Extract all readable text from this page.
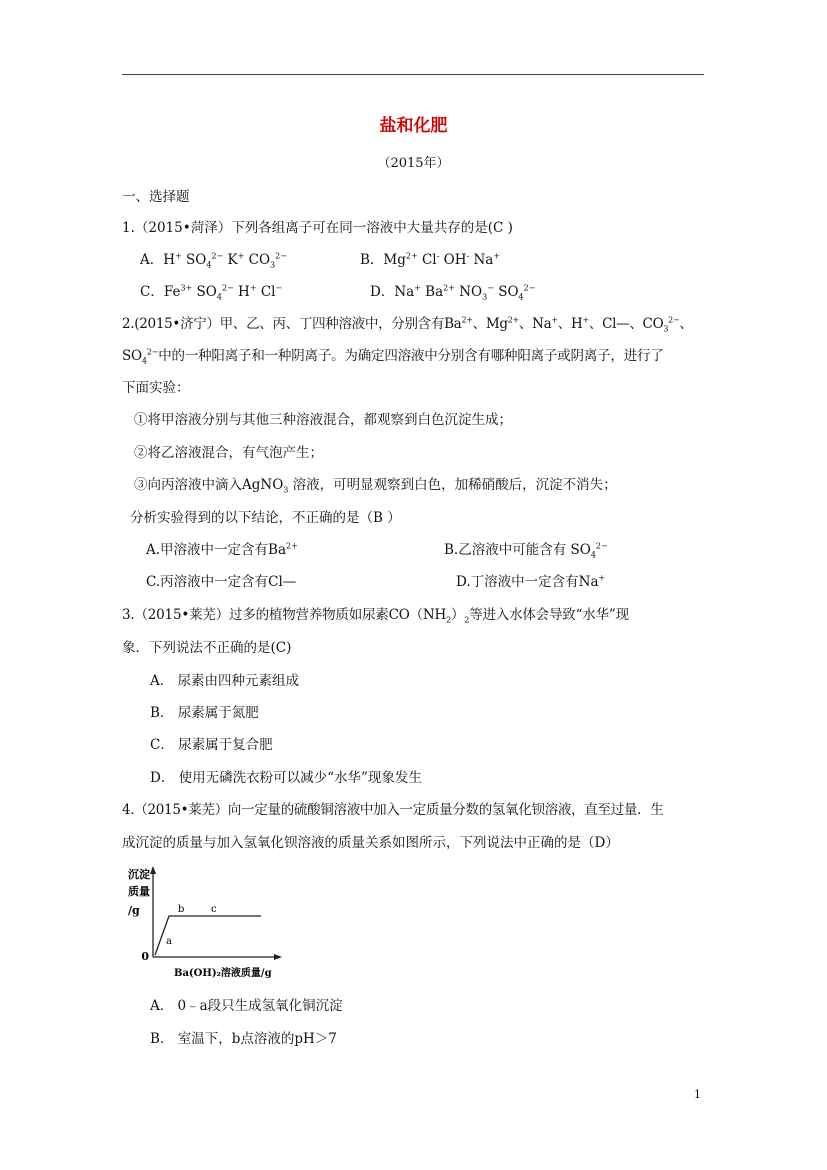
盐和化肥
（2015年）
一、选择题
1.（2015•菏泽）下列各组离子可在同一溶液中大量共存的是(C )
A．H+ $SO_4^{2-}$ K+ $CO_3^{2-}$	B．$Mg^{2+}$ Cl- OH- Na+
C．$Fe^{3+}$ $SO_4^{2-}$ H+ Cl−	D．Na+ $Ba^{2+}$ $NO_3^-$ $SO_4^{2-}$
2.(2015•济宁）甲、乙、丙、丁四种溶液中，分别含有$Ba^{2+}$、$Mg^{2+}$、Na+、H+、Cl—、$CO_3^{2-}$、
$SO_4^{2-}$中的一种阳离子和一种阴离子。为确定四溶液中分别含有哪种阳离子或阴离子，进行了
下面实验：
①将甲溶液分别与其他三种溶液混合，都观察到白色沉淀生成；
②将乙溶液混合，有气泡产生；
③向丙溶液中滴入AgNO$_3$ 溶液，可明显观察到白色，加稀硝酸后，沉淀不消失；
分析实验得到的以下结论，不正确的是（B ）
A.甲溶液中一定含有$Ba^{2+}$	B.乙溶液中可能含有 $SO_4^{2-}$
C.丙溶液中一定含有Cl—	D.丁溶液中一定含有Na+
3.（2015•莱芜）过多的植物营养物质如尿素$CO(NH_2)_2$等进入水体会导致“水华”现
象．下列说法不正确的是(C)
A． 尿素由四种元素组成
B． 尿素属于氮肥
C． 尿素属于复合肥
D． 使用无磷洗衣粉可以减少“水华”现象发生
4.（2015•莱芜）向一定量的硫酸铜溶液中加入一定质量分数的氢氧化钡溶液，直至过量．生
成沉淀的质量与加入氢氧化钡溶液的质量关系如图所示，下列说法中正确的是（D）
沉淀
质量
/g
0
a
b	c
Ba(OH)₂溶液质量/g
A． 0﹣a段只生成氢氧化铜沉淀
B． 室温下，b点溶液的pH＞7
1
